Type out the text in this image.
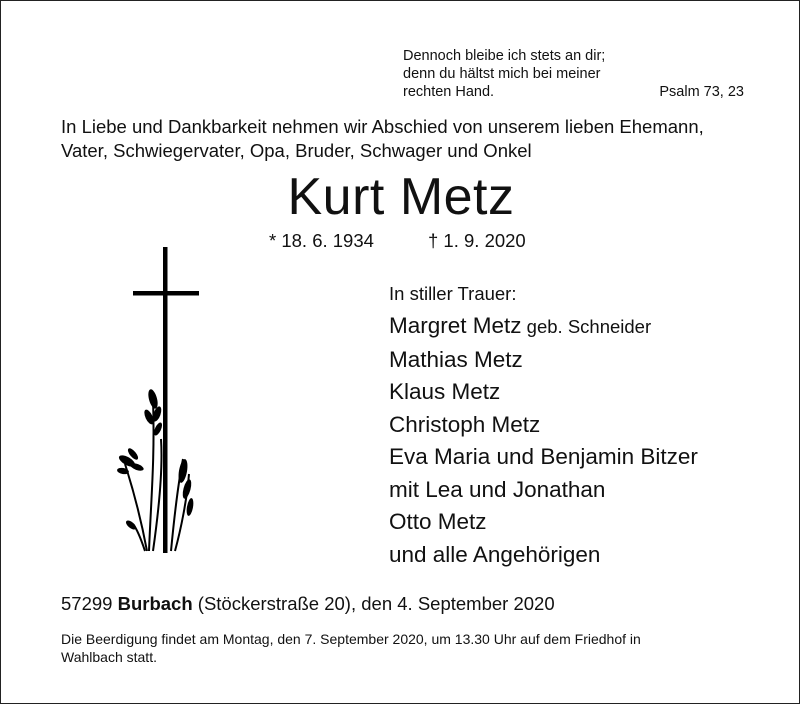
Dennoch bleibe ich stets an dir;
denn du hältst mich bei meiner
rechten Hand.	Psalm 73, 23
In Liebe und Dankbarkeit nehmen wir Abschied von unserem lieben Ehemann,
Vater, Schwiegervater, Opa, Bruder, Schwager und Onkel
Kurt Metz
* 18. 6. 1934	† 1. 9. 2020
In stiller Trauer:
Margret Metz geb. Schneider
Mathias Metz
Klaus Metz
Christoph Metz
Eva Maria und Benjamin Bitzer
mit Lea und Jonathan
Otto Metz
und alle Angehörigen
57299 Burbach (Stöckerstraße 20), den 4. September 2020
Die Beerdigung findet am Montag, den 7. September 2020, um 13.30 Uhr auf dem Friedhof in
Wahlbach statt.
